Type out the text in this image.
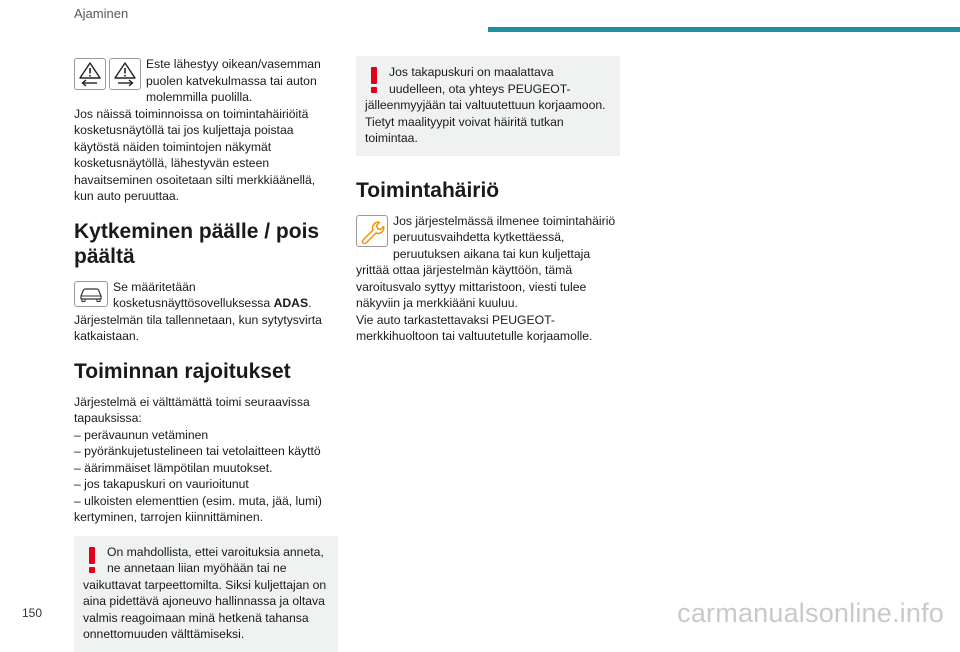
Ajaminen

Este lähestyy oikean/vasemman puolen katvekulmassa tai auton molemmilla puolilla.

Jos näissä toiminnoissa on toimintahäiriöitä kosketusnäytöllä tai jos kuljettaja poistaa käytöstä näiden toimintojen näkymät kosketusnäytöllä, lähestyvän esteen havaitseminen osoitetaan silti merkkiäänellä, kun auto peruuttaa.

Kytkeminen päälle / pois päältä

Se määritetään kosketusnäyttösovelluksessa ADAS.

Järjestelmän tila tallennetaan, kun sytytysvirta katkaistaan.

Toiminnan rajoitukset

Järjestelmä ei välttämättä toimi seuraavissa tapauksissa:

– perävaunun vetäminen
– pyöränkujetustelineen tai vetolaitteen käyttö
– äärimmäiset lämpötilan muutokset.
– jos takapuskuri on vaurioitunut
– ulkoisten elementtien (esim. muta, jää, lumi) kertyminen, tarrojen kiinnittäminen.

On mahdollista, ettei varoituksia anneta, ne annetaan liian myöhään tai ne vaikuttavat tarpeettomilta. Siksi kuljettajan on aina pidettävä ajoneuvo hallinnassa ja oltava valmis reagoimaan minä hetkenä tahansa onnettomuuden välttämiseksi.

Jos takapuskuri on maalattava uudelleen, ota yhteys PEUGEOT-jälleenmyyjään tai valtuutettuun korjaamoon. Tietyt maalityypit voivat häiritä tutkan toimintaa.

Toimintahäiriö

Jos järjestelmässä ilmenee toimintahäiriö peruutusvaihdetta kytkettäessä, peruutuksen aikana tai kun kuljettaja yrittää ottaa järjestelmän käyttöön, tämä varoitusvalo syttyy mittaristoon, viesti tulee näkyviin ja merkkiääni kuuluu.

Vie auto tarkastettavaksi PEUGEOT-merkkihuoltoon tai valtuutetulle korjaamolle.

150	carmanualsonline.info
